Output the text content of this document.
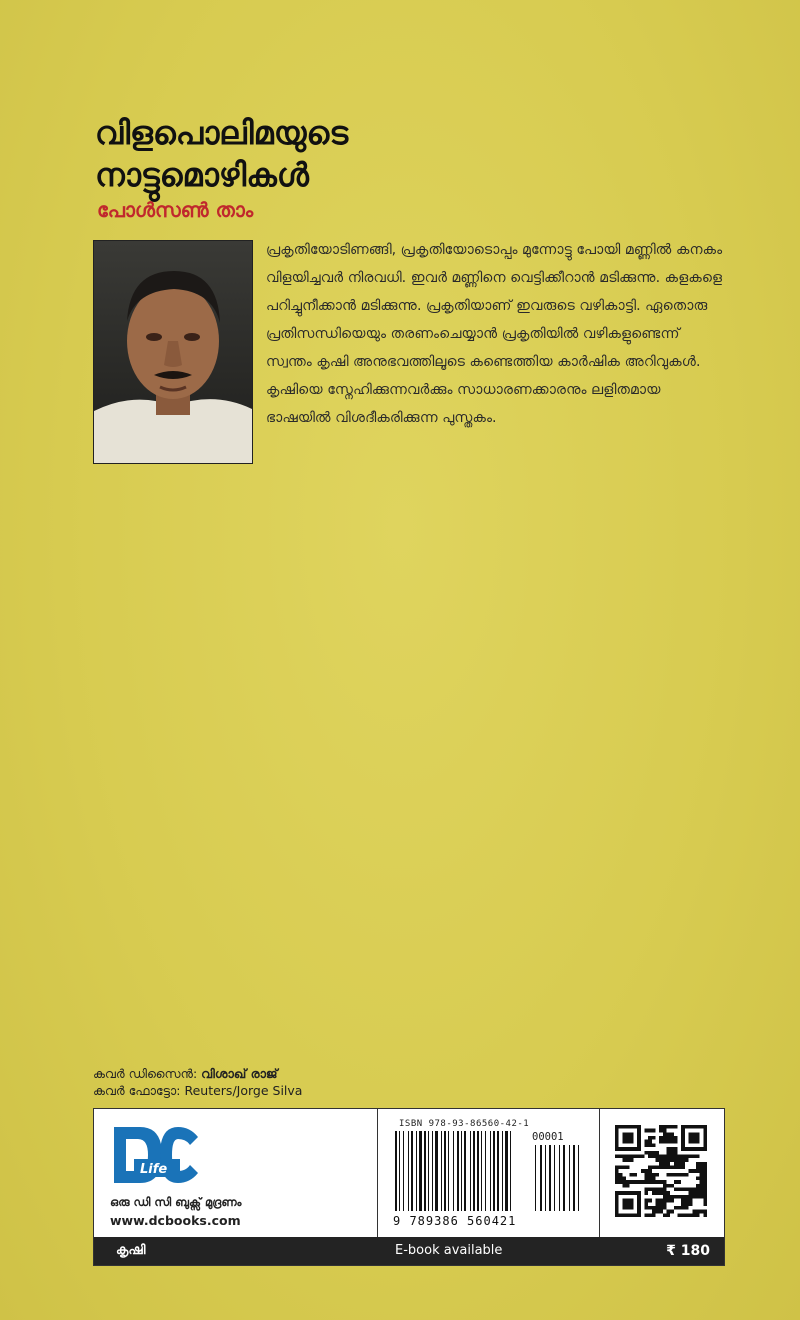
വിളപൊലിമയുടെ
നാട്ടുമൊഴികൾ
പോൾസൺ താം

പ്രകൃതിയോടിണങ്ങി, പ്രകൃതിയോടൊപ്പം മുന്നോട്ടു പോയി മണ്ണിൽ കനകം വിളയിച്ചവർ നിരവധി. ഇവർ മണ്ണിനെ വെട്ടിക്കീറാൻ മടിക്കുന്നു. കളകളെ പറിച്ചുനീക്കാൻ മടിക്കുന്നു. പ്രകൃതിയാണ് ഇവരുടെ വഴികാട്ടി. ഏതൊരു പ്രതിസന്ധിയെയും തരണംചെയ്യാൻ പ്രകൃതിയിൽ വഴികളുണ്ടെന്ന് സ്വന്തം കൃഷി അനുഭവത്തിലൂടെ കണ്ടെത്തിയ കാർഷിക അറിവുകൾ. കൃഷിയെ സ്നേഹിക്കുന്നവർക്കും സാധാരണക്കാരനും ലളിതമായ ഭാഷയിൽ വിശദീകരിക്കുന്ന പുസ്തകം.

കവർ ഡിസൈൻ: വിശാഖ് രാജ്
കവർ ഫോട്ടോ: Reuters/Jorge Silva
Life
ഒരു ഡി സി ബുക്സ് മുദ്രണം
www.dcbooks.com
കൃഷി
ISBN 978-93-86560-42-1
00001
9 789386 560421
E-book available	₹ 180
